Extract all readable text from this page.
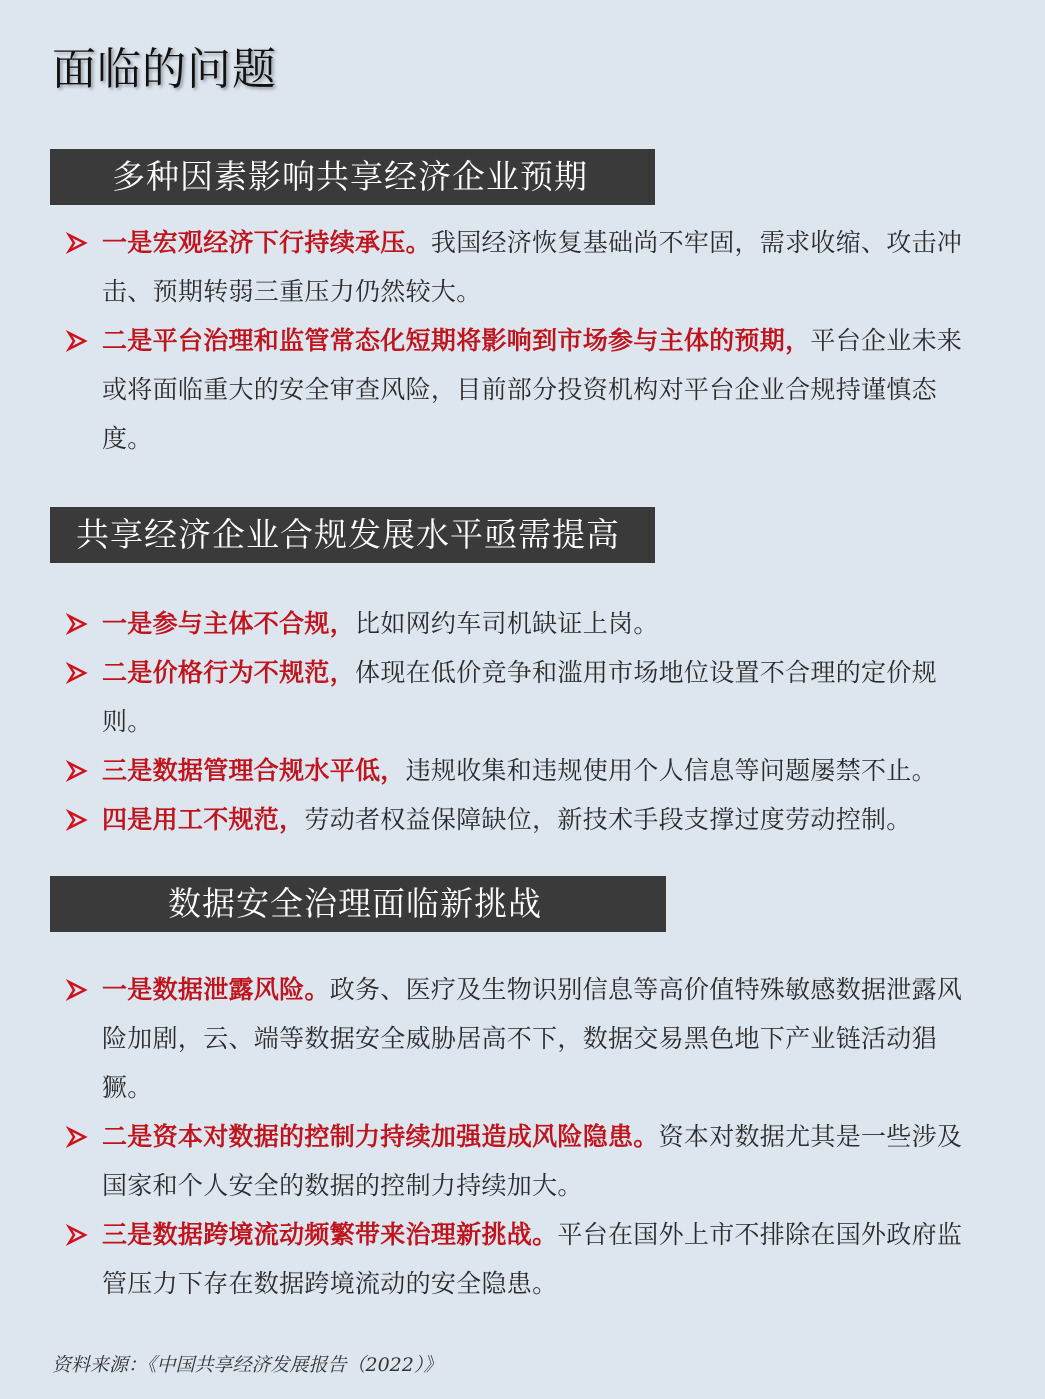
面临的问题
多种因素影响共享经济企业预期
一是宏观经济下行持续承压。我国经济恢复基础尚不牢固，需求收缩、攻击冲击、预期转弱三重压力仍然较大。
二是平台治理和监管常态化短期将影响到市场参与主体的预期，平台企业未来或将面临重大的安全审查风险，目前部分投资机构对平台企业合规持谨慎态度。
共享经济企业合规发展水平亟需提高
一是参与主体不合规，比如网约车司机缺证上岗。
二是价格行为不规范，体现在低价竞争和滥用市场地位设置不合理的定价规则。
三是数据管理合规水平低，违规收集和违规使用个人信息等问题屡禁不止。
四是用工不规范，劳动者权益保障缺位，新技术手段支撑过度劳动控制。
数据安全治理面临新挑战
一是数据泄露风险。政务、医疗及生物识别信息等高价值特殊敏感数据泄露风险加剧，云、端等数据安全威胁居高不下，数据交易黑色地下产业链活动猖獗。
二是资本对数据的控制力持续加强造成风险隐患。资本对数据尤其是一些涉及国家和个人安全的数据的控制力持续加大。
三是数据跨境流动频繁带来治理新挑战。平台在国外上市不排除在国外政府监管压力下存在数据跨境流动的安全隐患。
资料来源：《中国共享经济发展报告（2022）》
